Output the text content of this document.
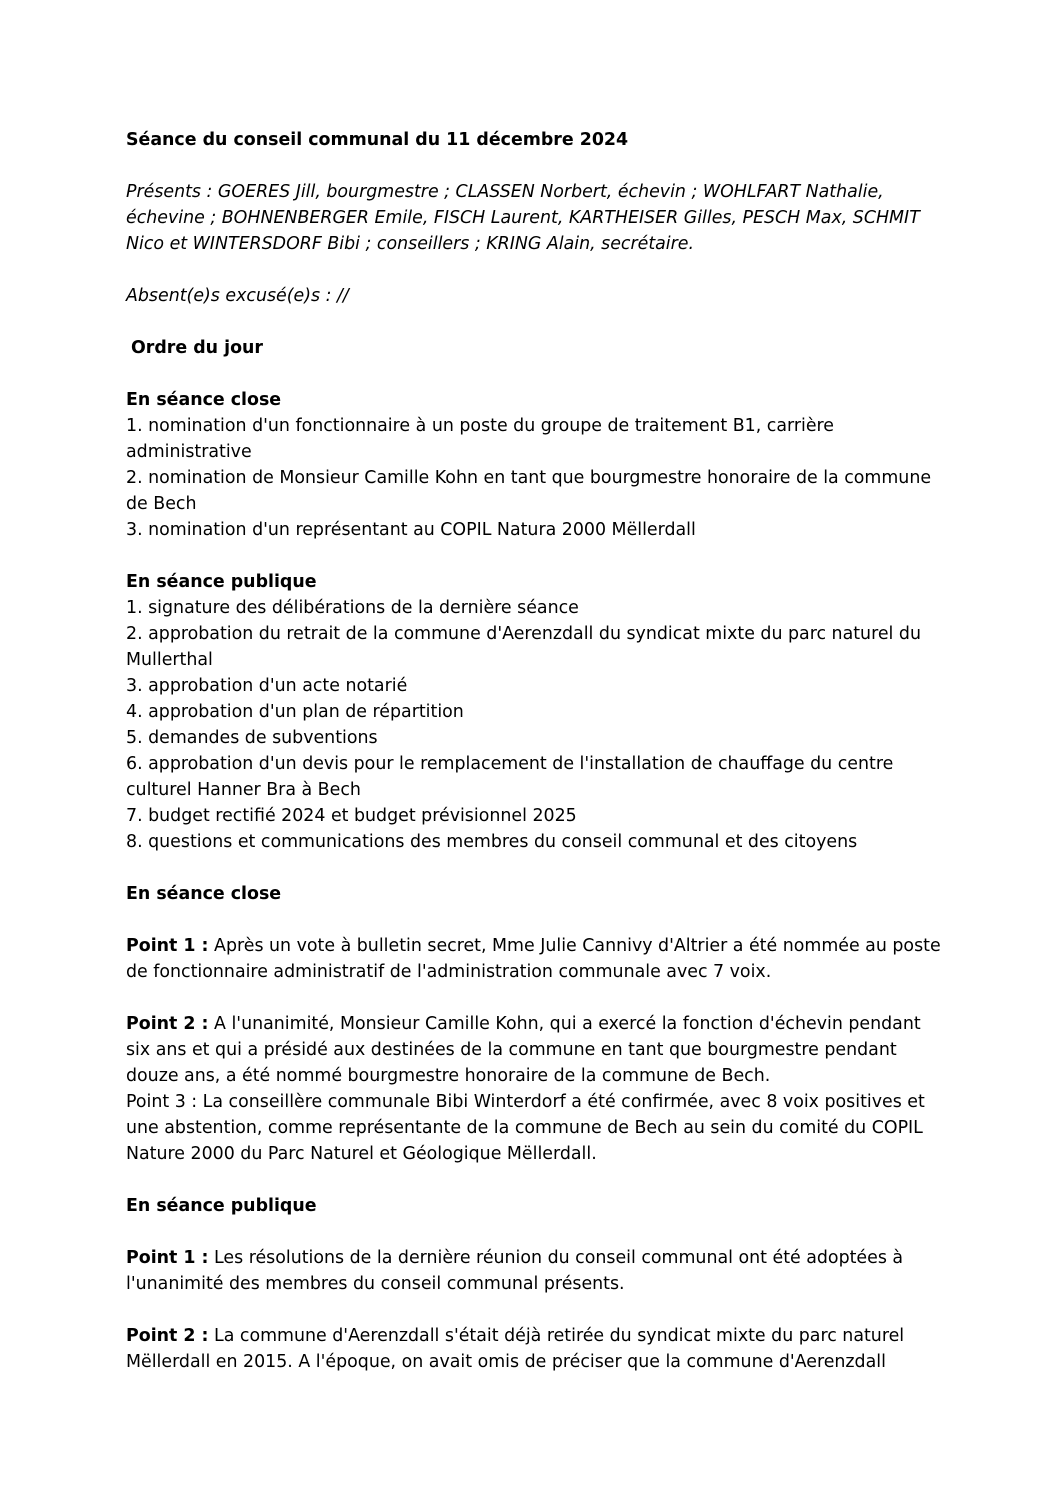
Séance du conseil communal du 11 décembre 2024

Présents : GOERES Jill, bourgmestre ; CLASSEN Norbert, échevin ; WOHLFART Nathalie, échevine ; BOHNENBERGER Emile, FISCH Laurent, KARTHEISER Gilles, PESCH Max, SCHMIT Nico et WINTERSDORF Bibi ; conseillers ; KRING Alain, secrétaire.

Absent(e)s excusé(e)s : //

Ordre du jour

En séance close

1. nomination d'un fonctionnaire à un poste du groupe de traitement B1, carrière administrative

2. nomination de Monsieur Camille Kohn en tant que bourgmestre honoraire de la commune de Bech

3. nomination d'un représentant au COPIL Natura 2000 Mëllerdall

En séance publique

1. signature des délibérations de la dernière séance

2. approbation du retrait de la commune d'Aerenzdall du syndicat mixte du parc naturel du Mullerthal

3. approbation d'un acte notarié

4. approbation d'un plan de répartition

5. demandes de subventions

6. approbation d'un devis pour le remplacement de l'installation de chauffage du centre culturel Hanner Bra à Bech

7. budget rectifié 2024 et budget prévisionnel 2025

8. questions et communications des membres du conseil communal et des citoyens

En séance close

Point 1 : Après un vote à bulletin secret, Mme Julie Cannivy d'Altrier a été nommée au poste de fonctionnaire administratif de l'administration communale avec 7 voix.

Point 2 : A l'unanimité, Monsieur Camille Kohn, qui a exercé la fonction d'échevin pendant six ans et qui a présidé aux destinées de la commune en tant que bourgmestre pendant douze ans, a été nommé bourgmestre honoraire de la commune de Bech.

Point 3 : La conseillère communale Bibi Winterdorf a été confirmée, avec 8 voix positives et une abstention, comme représentante de la commune de Bech au sein du comité du COPIL Nature 2000 du Parc Naturel et Géologique Mëllerdall.

En séance publique

Point 1 : Les résolutions de la dernière réunion du conseil communal ont été adoptées à l'unanimité des membres du conseil communal présents.

Point 2 : La commune d'Aerenzdall s'était déjà retirée du syndicat mixte du parc naturel Mëllerdall en 2015. A l'époque, on avait omis de préciser que la commune d'Aerenzdall
